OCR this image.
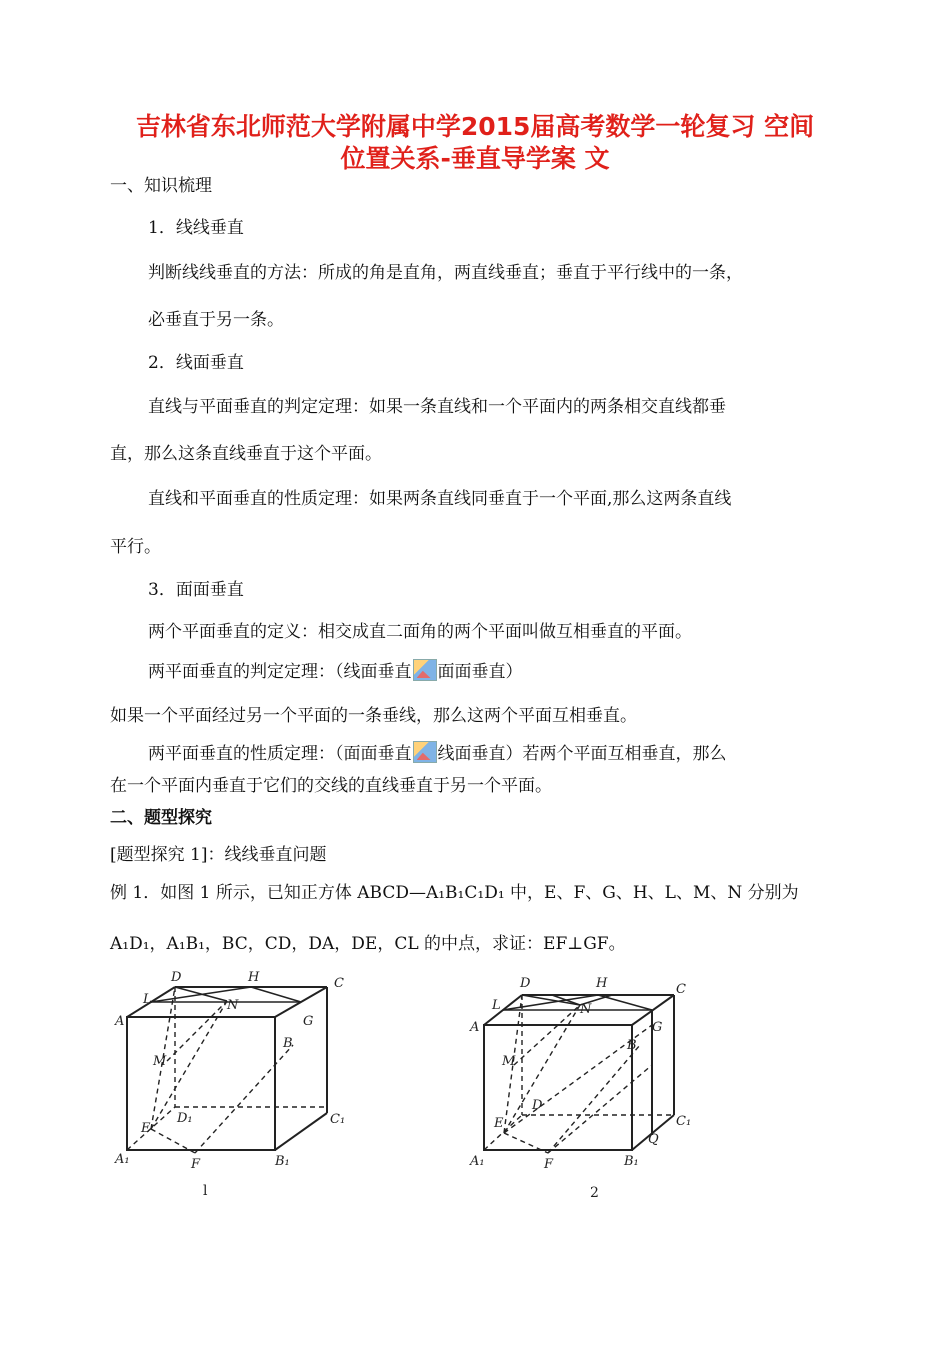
吉林省东北师范大学附属中学2015届高考数学一轮复习 空间
位置关系-垂直导学案 文
一、知识梳理
1．线线垂直
判断线线垂直的方法：所成的角是直角，两直线垂直；垂直于平行线中的一条，
必垂直于另一条。
2．线面垂直
直线与平面垂直的判定定理：如果一条直线和一个平面内的两条相交直线都垂
直，那么这条直线垂直于这个平面。
直线和平面垂直的性质定理：如果两条直线同垂直于一个平面,那么这两条直线
平行。
3．面面垂直
两个平面垂直的定义：相交成直二面角的两个平面叫做互相垂直的平面。
两平面垂直的判定定理：（线面垂直 面面垂直）
如果一个平面经过另一个平面的一条垂线，那么这两个平面互相垂直。
两平面垂直的性质定理：（面面垂直 线面垂直）若两个平面互相垂直，那么
在一个平面内垂直于它们的交线的直线垂直于另一个平面。
二、题型探究
[题型探究 1]：线线垂直问题
例 1．如图 1 所示，已知正方体 ABCD—A₁B₁C₁D₁ 中，E、F、G、H、L、M、N 分别为
A₁D₁，A₁B₁，BC，CD，DA，DE，CL 的中点，求证：EF⊥GF。
D	H	C
L	N
G
A
B
M
E
D₁	C₁
A₁	F	B₁
l
D	H	C
L	N
G
A
B
M
E
D
C₁
A₁	F	B₁
Q
2
